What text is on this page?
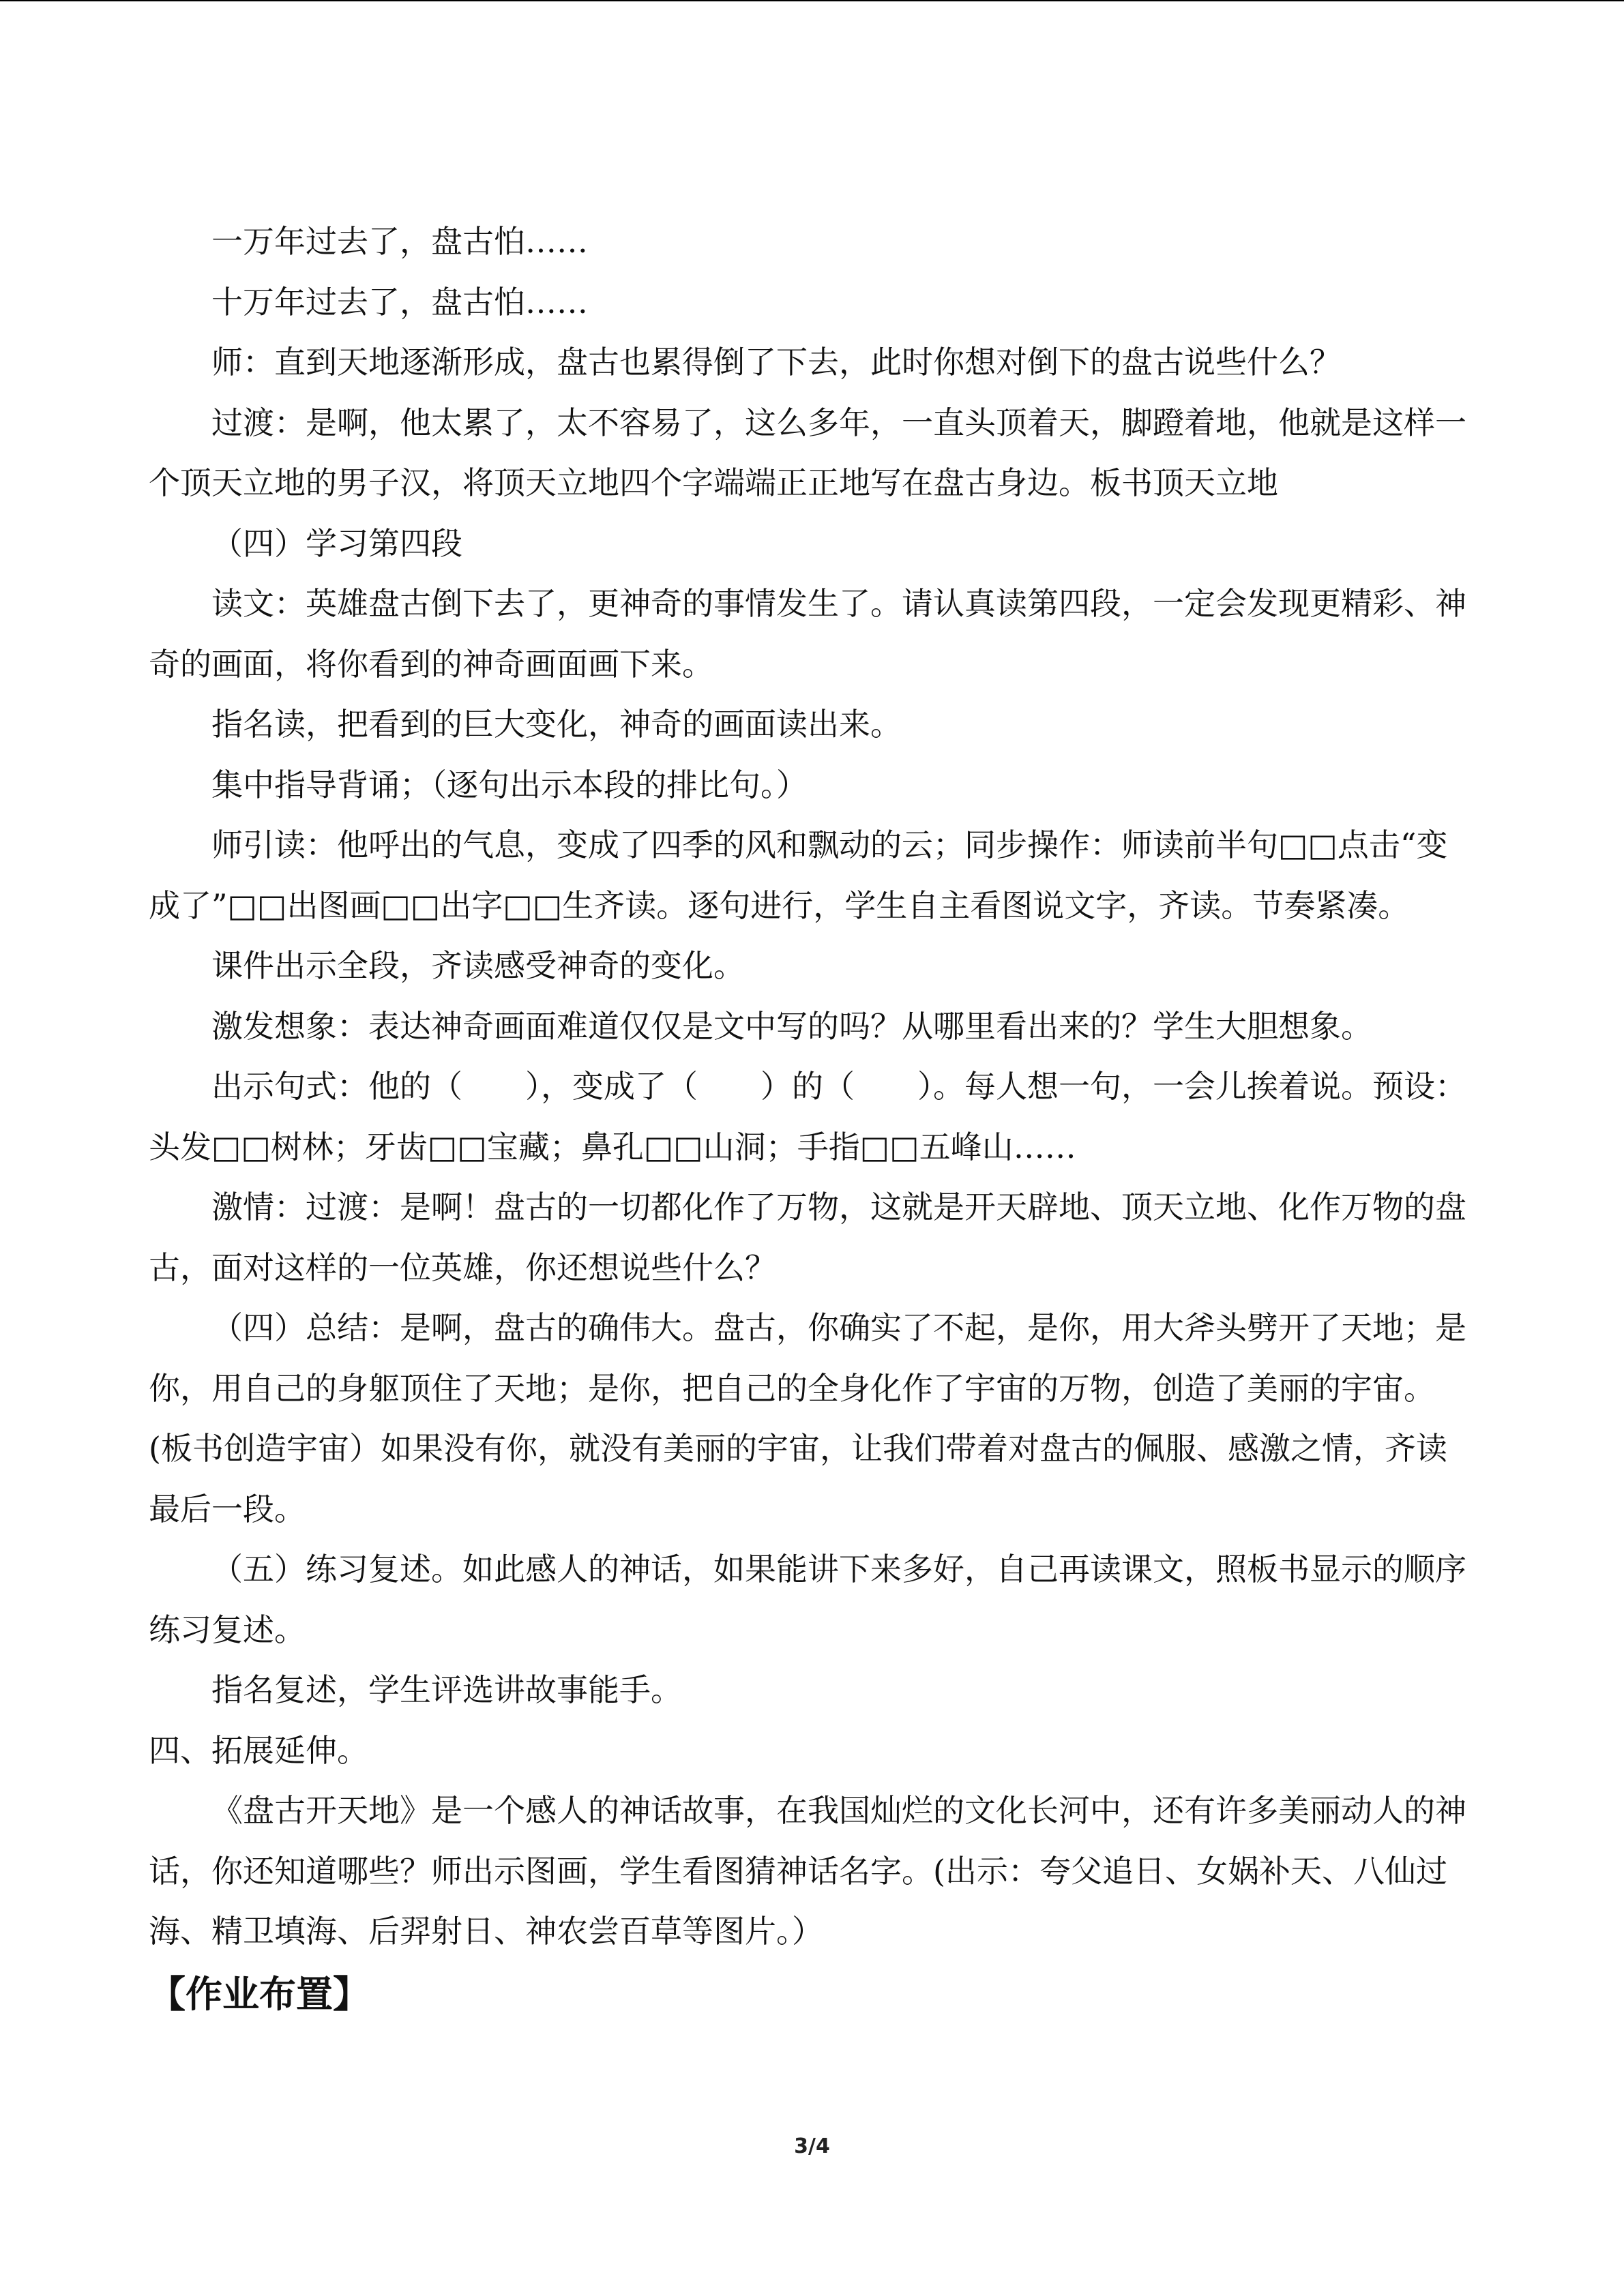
一万年过去了，盘古怕……

十万年过去了，盘古怕……

师：直到天地逐渐形成，盘古也累得倒了下去，此时你想对倒下的盘古说些什么？

过渡：是啊，他太累了，太不容易了，这么多年，一直头顶着天，脚蹬着地，他就是这样一个顶天立地的男子汉，将顶天立地四个字端端正正地写在盘古身边。板书顶天立地

（四）学习第四段

读文：英雄盘古倒下去了，更神奇的事情发生了。请认真读第四段，一定会发现更精彩、神奇的画面，将你看到的神奇画面画下来。

指名读，把看到的巨大变化，神奇的画面读出来。

集中指导背诵；（逐句出示本段的排比句。）

师引读：他呼出的气息，变成了四季的风和飘动的云；同步操作：师读前半句□□点击“变成了”□□出图画□□出字□□生齐读。逐句进行，学生自主看图说文字，齐读。节奏紧凑。

课件出示全段，齐读感受神奇的变化。

激发想象：表达神奇画面难道仅仅是文中写的吗？从哪里看出来的？学生大胆想象。

出示句式：他的（　　），变成了（　　）的（　　）。每人想一句，一会儿挨着说。预设：头发□□树林；牙齿□□宝藏；鼻孔□□山洞；手指□□五峰山……

激情：过渡：是啊！盘古的一切都化作了万物，这就是开天辟地、顶天立地、化作万物的盘古，面对这样的一位英雄，你还想说些什么？

（四）总结：是啊，盘古的确伟大。盘古，你确实了不起，是你，用大斧头劈开了天地；是你，用自己的身躯顶住了天地；是你，把自己的全身化作了宇宙的万物，创造了美丽的宇宙。(板书创造宇宙）如果没有你，就没有美丽的宇宙，让我们带着对盘古的佩服、感激之情，齐读最后一段。

（五）练习复述。如此感人的神话，如果能讲下来多好，自己再读课文，照板书显示的顺序练习复述。

指名复述，学生评选讲故事能手。

四、拓展延伸。

《盘古开天地》是一个感人的神话故事，在我国灿烂的文化长河中，还有许多美丽动人的神话，你还知道哪些？师出示图画，学生看图猜神话名字。(出示：夸父追日、女娲补天、八仙过海、精卫填海、后羿射日、神农尝百草等图片。）

【作业布置】

3/4
